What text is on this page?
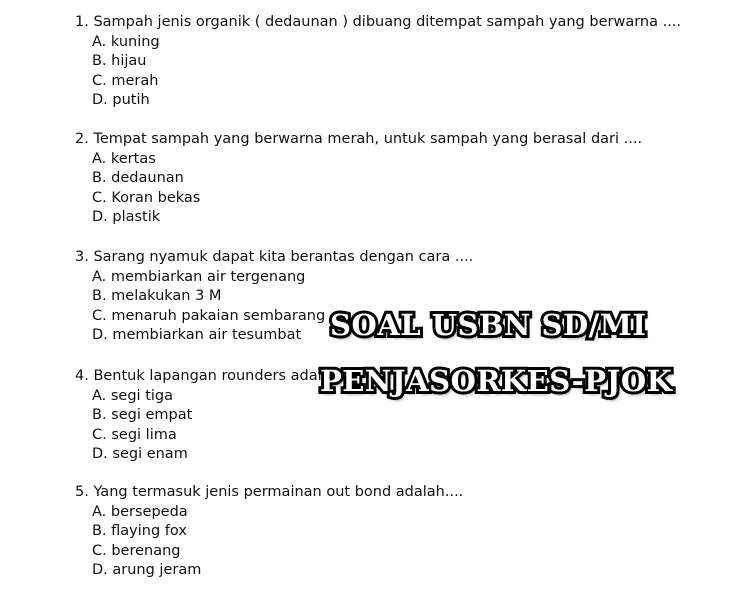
1. Sampah jenis organik ( dedaunan ) dibuang ditempat sampah yang berwarna ....
A. kuning
B. hijau
C. merah
D. putih
2. Tempat sampah yang berwarna merah, untuk sampah yang berasal dari ....
A. kertas
B. dedaunan
C. Koran bekas
D. plastik
3. Sarang nyamuk dapat kita berantas dengan cara ....
A. membiarkan air tergenang
B. melakukan 3 M
C. menaruh pakaian sembarang
D. membiarkan air tesumbat
4. Bentuk lapangan rounders adala
A. segi tiga
B. segi empat
C. segi lima
D. segi enam
5. Yang termasuk jenis permainan out bond adalah....
A. bersepeda
B. flaying fox
C. berenang
D. arung jeram
SOAL USBN SD/MI
PENJASORKES-PJOK
